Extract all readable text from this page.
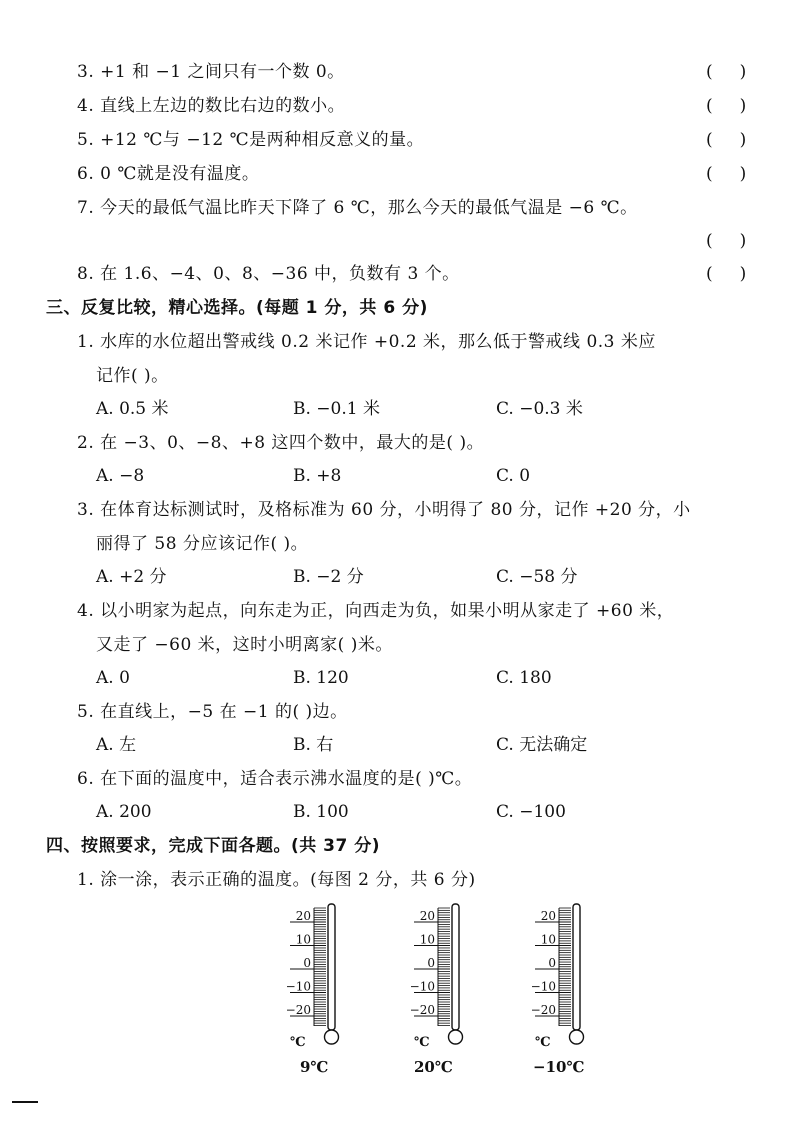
3. +1 和 −1 之间只有一个数 0。	(     )
4. 直线上左边的数比右边的数小。	(     )
5. +12 ℃与 −12 ℃是两种相反意义的量。	(     )
6. 0 ℃就是没有温度。	(     )
7. 今天的最低气温比昨天下降了 6 ℃，那么今天的最低气温是 −6 ℃。
(     )
8. 在 1.6、−4、0、8、−36 中，负数有 3 个。	(     )
三、反复比较，精心选择。(每题 1 分，共 6 分)
1. 水库的水位超出警戒线 0.2 米记作 +0.2 米，那么低于警戒线 0.3 米应
记作( )。
A. 0.5 米	B. −0.1 米	C. −0.3 米
2. 在 −3、0、−8、+8 这四个数中，最大的是( )。
A. −8	B. +8	C. 0
3. 在体育达标测试时，及格标准为 60 分，小明得了 80 分，记作 +20 分，小
丽得了 58 分应该记作( )。
A. +2 分	B. −2 分	C. −58 分
4. 以小明家为起点，向东走为正，向西走为负，如果小明从家走了 +60 米，
又走了 −60 米，这时小明离家( )米。
A. 0	B. 120	C. 180
5. 在直线上，−5 在 −1 的( )边。
A. 左	B. 右	C. 无法确定
6. 在下面的温度中，适合表示沸水温度的是( )℃。
A. 200	B. 100	C. −100
四、按照要求，完成下面各题。(共 37 分)
1. 涂一涂，表示正确的温度。(每图 2 分，共 6 分)
20
10
0
−10
−20
℃
20
10
0
−10
−20
℃
20
10
0
−10
−20
℃
9℃	20℃	−10℃
